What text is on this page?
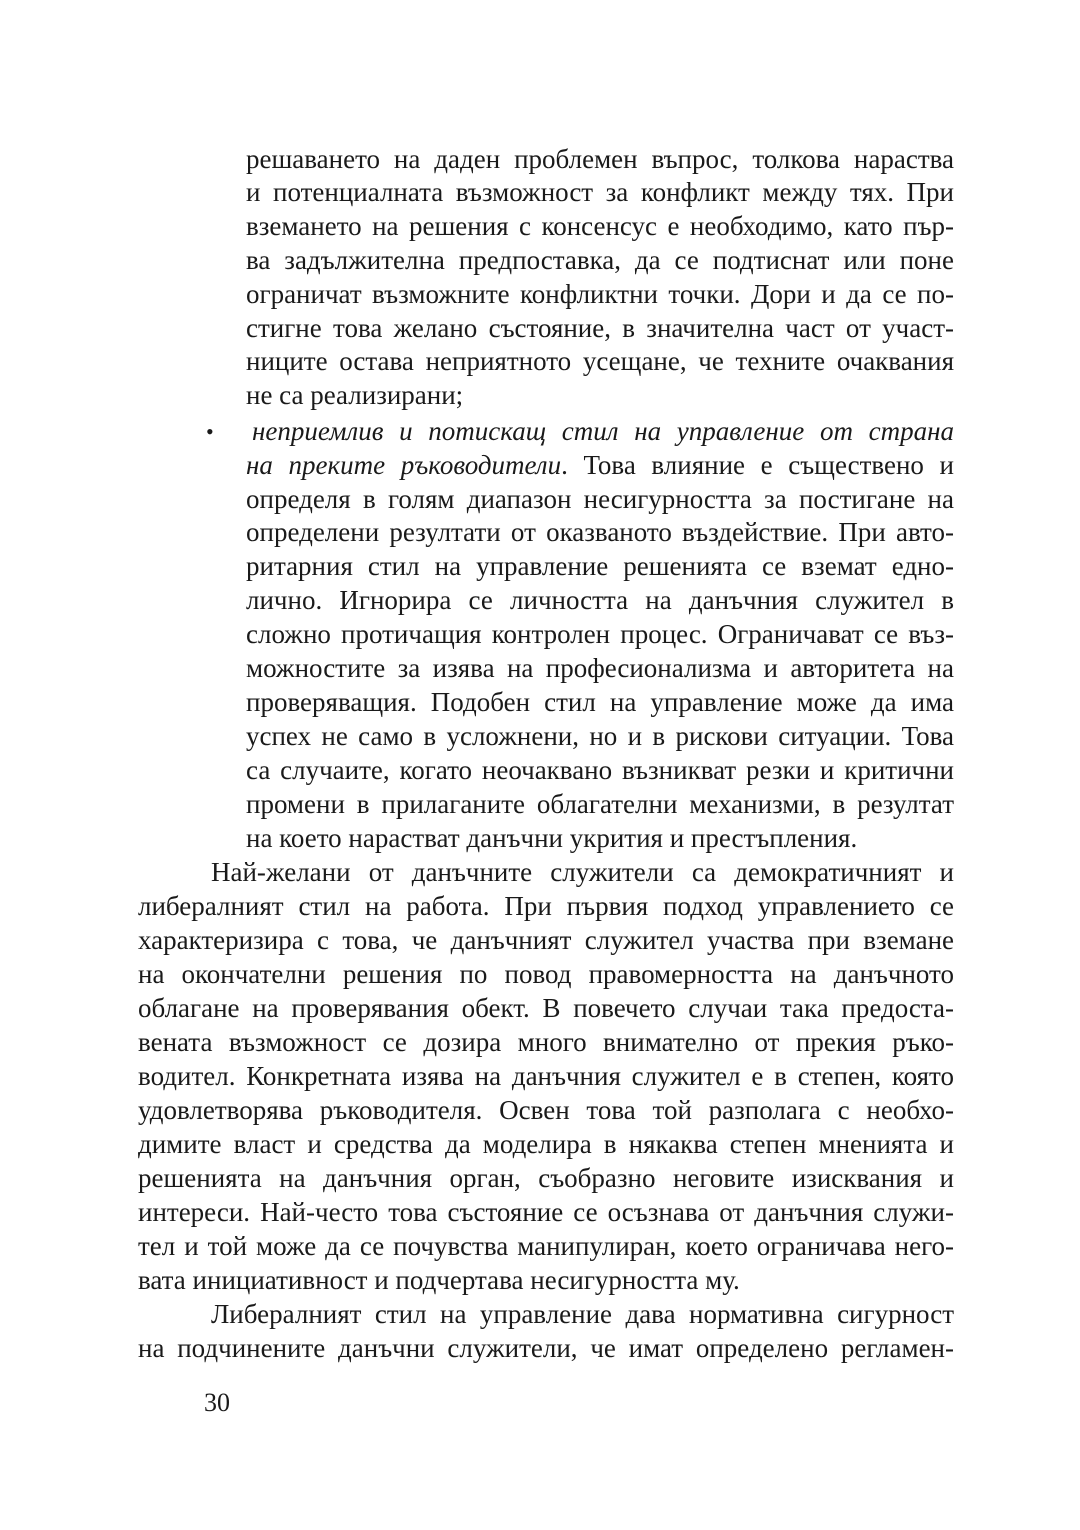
решаването на даден проблемен въпрос, толкова нараства
и потенциалната възможност за конфликт между тях. При
вземането на решения с консенсус е необходимо, като пър-
ва задължителна предпоставка, да се подтиснат или поне
ограничат възможните конфликтни точки. Дори и да се по-
стигне това желано състояние, в значителна част от участ-
ниците остава неприятното усещане, че техните очаквания
не са реализирани;
• неприемлив и потискащ стил на управление от страна
на преките ръководители. Това влияние е съществено и
определя в голям диапазон несигурността за постигане на
определени резултати от оказваното въздействие. При авто-
ритарния стил на управление решенията се вземат едно-
лично. Игнорира се личността на данъчния служител в
сложно протичащия контролен процес. Ограничават се въз-
можностите за изява на професионализма и авторитета на
проверяващия. Подобен стил на управление може да има
успех не само в усложнени, но и в рискови ситуации. Това
са случаите, когато неочаквано възникват резки и критични
промени в прилаганите облагателни механизми, в резултат
на което нарастват данъчни укрития и престъпления.
Най-желани от данъчните служители са демократичният и
либералният стил на работа. При първия подход управлението се
характеризира с това, че данъчният служител участва при вземане
на окончателни решения по повод правомерността на данъчното
облагане на проверявания обект. В повечето случаи така предоста-
вената възможност се дозира много внимателно от прекия ръко-
водител. Конкретната изява на данъчния служител е в степен, която
удовлетворява ръководителя. Освен това той разполага с необхо-
димите власт и средства да моделира в някаква степен мненията и
решенията на данъчния орган, съобразно неговите изисквания и
интереси. Най-често това състояние се осъзнава от данъчния служи-
тел и той може да се почувства манипулиран, което ограничава него-
вата инициативност и подчертава несигурността му.
Либералният стил на управление дава нормативна сигурност
на подчинените данъчни служители, че имат определено регламен-
30
